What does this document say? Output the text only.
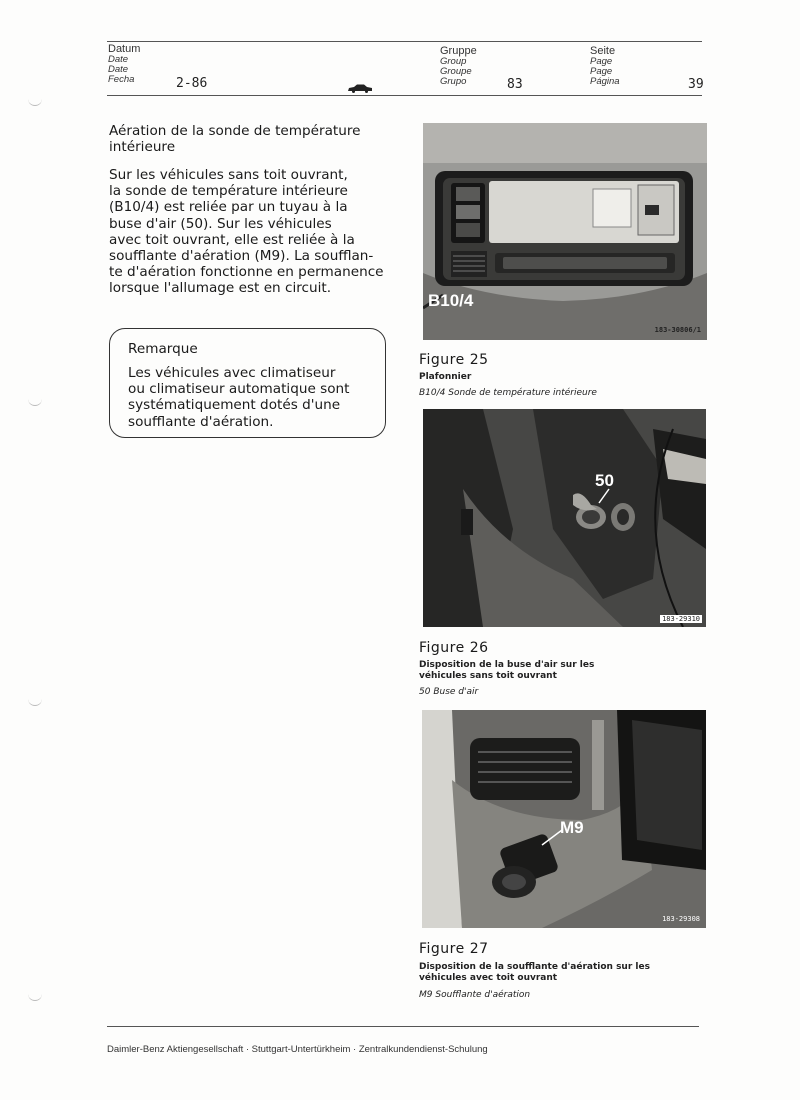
Datum
Date
Date
Fecha	2-86
Gruppe
Group
Groupe
Grupo	83
Seite
Page
Page
Página	39
Aération de la sonde de température
intérieure
Sur les véhicules sans toit ouvrant,
la sonde de température intérieure
(B10/4) est reliée par un tuyau à la
buse d'air (50). Sur les véhicules
avec toit ouvrant, elle est reliée à la
soufflante d'aération (M9). La soufflan-
te d'aération fonctionne en permanence
lorsque l'allumage est en circuit.
Remarque
Les véhicules avec climatiseur
ou climatiseur automatique sont
systématiquement dotés d'une
soufflante d'aération.
B10/4
183-30806/1
Figure 25
Plafonnier
B10/4 Sonde de température intérieure
50
183-29310
Figure 26
Disposition de la buse d'air sur les
véhicules sans toit ouvrant
50 Buse d'air
M9
183-29308
Figure 27
Disposition de la soufflante d'aération sur les
véhicules avec toit ouvrant
M9 Soufflante d'aération
Daimler-Benz Aktiengesellschaft · Stuttgart-Untertürkheim · Zentralkundendienst-Schulung
